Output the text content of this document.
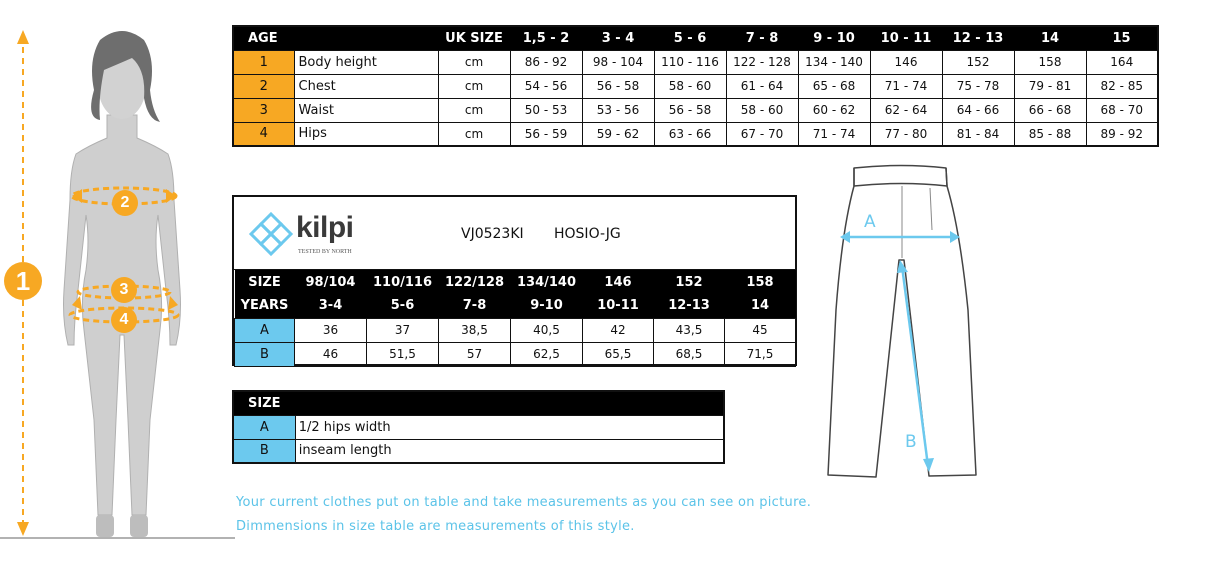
1
2
3
4
AGE		UK SIZE	1,5 - 2	3 - 4	5 - 6	7 - 8	9 - 10	10 - 11	12 - 13	14	15
1	Body height	cm	86 - 92	98 - 104	110 - 116	122 - 128	134 - 140	146	152	158	164
2	Chest	cm	54 - 56	56 - 58	58 - 60	61 - 64	65 - 68	71 - 74	75 - 78	79 - 81	82 - 85
3	Waist	cm	50 - 53	53 - 56	56 - 58	58 - 60	60 - 62	62 - 64	64 - 66	66 - 68	68 - 70
4	Hips	cm	56 - 59	59 - 62	63 - 66	67 - 70	71 - 74	77 - 80	81 - 84	85 - 88	89 - 92
kilpi
TESTED BY NORTH
VJ0523KI HOSIO-JG
SIZE	98/104	110/116	122/128	134/140	146	152	158
YEARS	3-4	5-6	7-8	9-10	10-11	12-13	14
A	36	37	38,5	40,5	42	43,5	45
B	46	51,5	57	62,5	65,5	68,5	71,5
SIZE	
A	1/2 hips width
B	inseam length
Your current clothes put on table and take measurements as you can see on picture.
Dimmensions in size table are measurements of this style.
A
B
